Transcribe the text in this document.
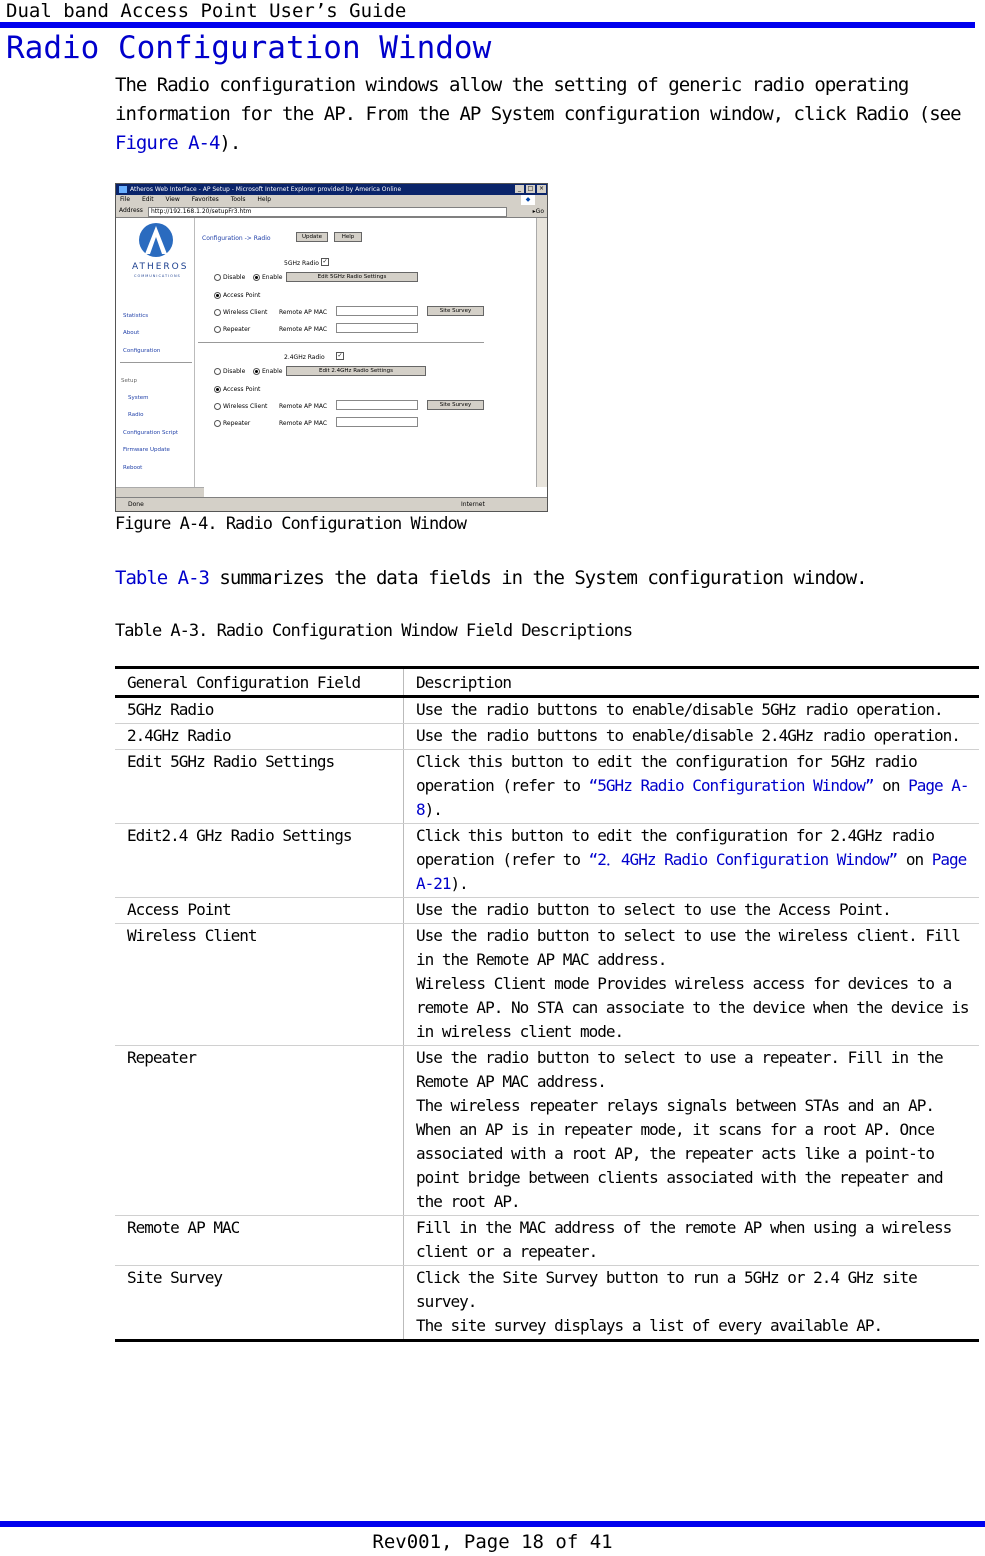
Dual band Access Point User’s Guide
Radio Configuration Window
The Radio configuration windows allow the setting of generic radio operating information for the AP. From the AP System configuration window, click Radio (see Figure A-4).
Atheros Web Interface - AP Setup - Microsoft Internet Explorer provided by America Online	_	□ ×
File Edit View Favorites Tools Help	◆
Address	http://192.168.1.20/setupFr3.htm	▸Go
ATHEROS
COMMUNICATIONS
Statistics
About
Configuration
Setup
System
Radio
Configuration Script
Firmware Update
Reboot
Configuration -> Radio	Update	Help
5GHz Radio ✓
Disable	Enable	Edit 5GHz Radio Settings
Access Point
Wireless Client Remote AP MAC	Site Survey
Repeater	Remote AP MAC
2.4GHz Radio ✓
Disable	Enable	Edit 2.4GHz Radio Settings
Access Point
Wireless Client Remote AP MAC	Site Survey
Repeater	Remote AP MAC
Done	Internet
Figure A-4. Radio Configuration Window
Table A-3 summarizes the data fields in the System configuration window.
Table A-3. Radio Configuration Window Field Descriptions
General Configuration Field	Description
5GHz Radio	Use the radio buttons to enable/disable 5GHz radio operation.
2.4GHz Radio	Use the radio buttons to enable/disable 2.4GHz radio operation.
Edit 5GHz Radio Settings	Click this button to edit the configuration for 5GHz radio operation (refer to “5GHz Radio Configuration Window” on Page A-8).
Edit2.4 GHz Radio Settings	Click this button to edit the configuration for 2.4GHz radio operation (refer to “2．4GHz Radio Configuration Window” on Page A-21).
Access Point	Use the radio button to select to use the Access Point.
Wireless Client	Use the radio button to select to use the wireless client. Fill in the Remote AP MAC address.
Wireless Client mode Provides wireless access for devices to a remote AP. No STA can associate to the device when the device is in wireless client mode.

Repeater	Use the radio button to select to use a repeater. Fill in the Remote AP MAC address.
The wireless repeater relays signals between STAs and an AP. When an AP is in repeater mode, it scans for a root AP. Once associated with a root AP, the repeater acts like a point-to point bridge between clients associated with the repeater and the root AP.

Remote AP MAC	Fill in the MAC address of the remote AP when using a wireless client or a repeater.
Site Survey	Click the Site Survey button to run a 5GHz or 2.4 GHz site survey.
The site survey displays a list of every available AP.
Rev001, Page 18 of 41
